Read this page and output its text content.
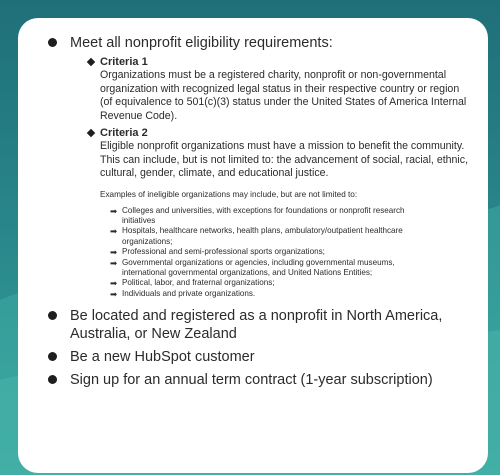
Meet all nonprofit eligibility requirements:
Criteria 1
Organizations must be a registered charity, nonprofit or non-governmental organization with recognized legal status in their respective country or region (of equivalence to 501(c)(3) status under the United States of America Internal Revenue Code).
Criteria 2
Eligible nonprofit organizations must have a mission to benefit the community. This can include, but is not limited to: the advancement of social, racial, ethnic, cultural, gender, climate, and educational justice.
Examples of ineligible organizations may include, but are not limited to:
➡ Colleges and universities, with exceptions for foundations or nonprofit research initiatives
➡ Hospitals, healthcare networks, health plans, ambulatory/outpatient healthcare organizations;
➡ Professional and semi-professional sports organizations;
➡ Governmental organizations or agencies, including governmental museums, international governmental organizations, and United Nations Entities;
➡ Political, labor, and fraternal organizations;
➡ Individuals and private organizations.
Be located and registered as a nonprofit in North America, Australia, or New Zealand
Be a new HubSpot customer
Sign up for an annual term contract (1-year subscription)
